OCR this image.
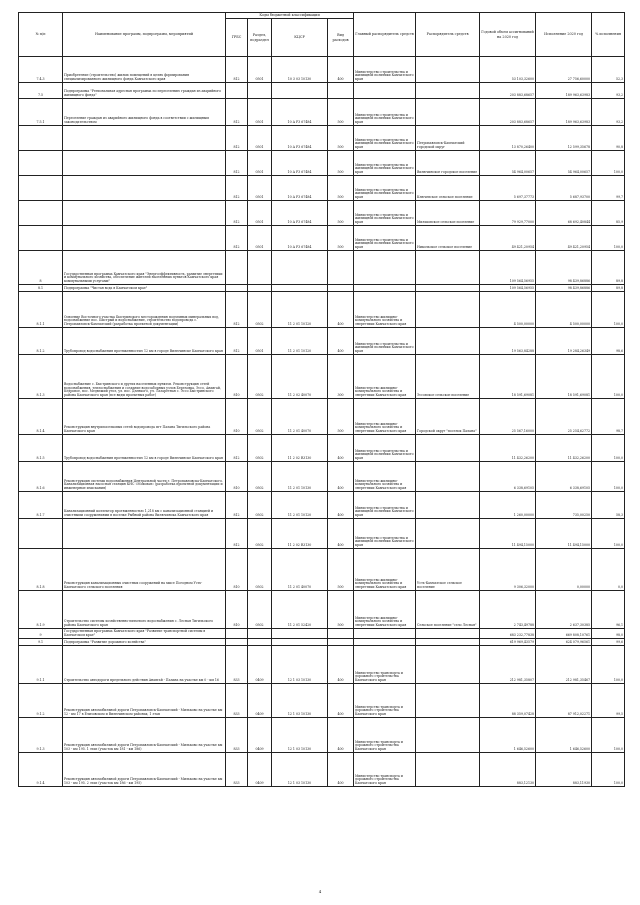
№ п/п	Наименование программ, подпрограмм, мероприятий	Коды бюджетной классификации				Главный распорядитель средств	Распорядитель средств	Годовой объем ассигнований на 2020 год	Исполнение 2020 год	% исполнения
		ГРБС	Раздел, подраздел	КЦСР	Вид расходов					
7.4.3	Приобретение (строительство) жилых помещений в целях формирования специализированного жилищного фонда Камчатского края	812	0501	10 3 03 10130	400	Министерство строительства и жилищной политики Камчатского края		53 103,32600	27 756,60000	52,3
7.5	Подпрограмма "Региональная адресная программа по переселению граждан из аварийного жилищного фонда"							203 883,68657	189 963,63983	93,2
7.5.1	Переселение граждан из аварийного жилищного фонда в соответствии с жилищным законодательством	812	0501	10 А F3 67484	500	Министерство строительства и жилищной политики Камчатского края		203 883,68657	189 963,63983	93,2
		812	0501	10 А F3 67484	500	Министерство строительства и жилищной политики Камчатского края	Петропавловск-Камчатский городской округ	13 870,26400	12 599,35678	90,8
		812	0501	10 А F3 67484	500	Министерство строительства и жилищной политики Камчатского края	Вилючинское городское поселение	54 964,00657	54 964,00657	100,0
		812	0501	10 А F3 67484	500	Министерство строительства и жилищной политики Камчатского края	Ключевское сельское поселение	5 697,37773	5 687,93700	99,7
		812	0501	10 А F3 67484	500	Министерство строительства и жилищной политики Камчатского края	Мильковское сельское поселение	79 929,77000	68 692,40844	85,9
		812	0501	10 А F3 67484	500	Министерство строительства и жилищной политики Камчатского края	Никольское сельское поселение	49 421,20954	49 421,20954	100,0
8	Государственная программа Камчатского края "Энергоэффективность, развитие энергетики и коммунального хозяйства, обеспечение жителей населенных пунктов Камчатского края коммунальными услугами"							109 564,56955	98 439,86886	89,8
8.1	Подпрограмма "Чистая вода в Камчатском крае"							109 564,56955	98 439,86886	89,8
8.1.1	Освоение Восточного участка Быстринского месторождения подземных минеральных вод, водоснабжение пос. Быстрый и водоснабжение, строительство водопровода с. Петропавловск-Камчатский (разработка проектной документации)	812	0502	11 2 01 10120	400	Министерство жилищно-коммунального хозяйства и энергетики Камчатского края		4 500,00000	4 500,00000	100,0
8.1.2	Трубопровод водоснабжения протяженностью 12 км в городе Вилючинске Камчатского края	812	0501	11 2 01 10120	400	Министерство строительства и жилищной политики Камчатского края		19 563,84288	19 284,26349	98,6
8.1.3	Водоснабжение с. Быстринского и других населенных пунктов. Реконструкция сетей водоснабжения, теплоснабжения и создание водозаборных узлов Березовка, Эссо, Анавгай, Кедровое, пос. Медвежий угол, ул. пос. Дзенкого, ул. Лазаретная с. Эссо Быстринского района Камчатского края (все виды проектных работ)	810	0502	11 2 02 40070	300	Министерство жилищно-коммунального хозяйства и энергетики Камчатского края	Эссовское сельское поселение	18 591,69081	18 591,69081	100,0
8.1.4	Реконструкция внутрипоселковых сетей водопровода пгт Палана Тигильского района Камчатского края	810	0502	11 2 01 40070	500	Министерство жилищно-коммунального хозяйства и энергетики Камчатского края	Городской округ "поселок Палана"	25 567,16000	25 254,62772	98,7
8.1.5	Трубопровод водоснабжения протяженностью 12 км в городе Вилючинске Камчатского края	812	0502	11 2 02 R3130	400	Министерство строительства и жилищной политики Камчатского края		11 432,26200	11 432,26200	100,0
8.1.6	Реконструкция системы водоснабжения Центральной части г. Петропавловска-Камчатского. Канализационная насосная станция КНС «Моховая» (разработка проектной документации и инженерные изыскания)	810	0502	11 2 01 10130	400	Министерство жилищно-коммунального хозяйства и энергетики Камчатского края		6 338,69105	6 338,69105	100,0
8.1.7	Канализационный коллектор протяженностью 1,218 км с канализационной станцией и очистными сооружениями в поселке Рыбный района Вилючинска Камчатского края	812	0502	11 2 01 10120	400	Министерство строительства и жилищной политики Камчатского края		1 260,00000	735,00250	58,3
		812	0502	11 2 02 R3130	400	Министерство строительства и жилищной политики Камчатского края		11 494,15000	11 494,15000	100,0
8.1.8	Реконструкция канализационных очистных сооружений на мысе Погодном Усть-Камчатского сельского поселения	810	0502	11 2 01 40070	500	Министерство жилищно-коммунального хозяйства и энергетики Камчатского края	Усть-Камчатское сельское поселение	9 306,32000	0,00000	0,0
8.1.9	Строительство системы хозяйственно-питьевого водоснабжения с. Лесная Тигильского района Камчатского края	810	0502	11 2 01 52420	500	Министерство жилищно-коммунального хозяйства и энергетики Камчатского края	Сельское поселение "село Лесная"	2 743,49788	2 637,30385	96,1
9	Государственная программа Камчатского края "Развитие транспортной системы в Камчатском крае"							683 232,77838	669 808,10761	98,0
9.1	Подпрограмма "Развитие дорожного хозяйства"							619 969,43579	624 079,96561	99,6
9.1.1	Строительство автодороги предельного действия Анавгай - Палана на участке км 0 - км 16	833	0409	12 1 03 10130	400	Министерство транспорта и дорожного строительства Камчатского края		212 981,35807	212 981,35467	100,0
9.1.2	Реконструкция автомобильной дороги Петропавловск-Камчатский - Мильково на участке км 12 - км 17 в Елизовском и Вилючинском районах, 1 этап	833	0409	12 1 03 10130	400	Министерство транспорта и дорожного строительства Камчатского края		88 359,07428	87 912,02271	99,5
9.1.3	Реконструкция автомобильной дороги Петропавловск-Камчатский - Мильково на участке км 103 - км 195. 1 этап (участок км 181 - км 186)	833	0409	12 1 03 10130	400	Министерство транспорта и дорожного строительства Камчатского края		1 646,52600	1 646,52600	100,0
9.1.4	Реконструкция автомобильной дороги Петропавловск-Камчатский - Мильково на участке км 103 - км 195. 2 этап (участок км 186 - км 195)	833	0409	12 1 03 10130	400	Министерство транспорта и дорожного строительства Камчатского края		883,12130	883,11930	100,0
4
